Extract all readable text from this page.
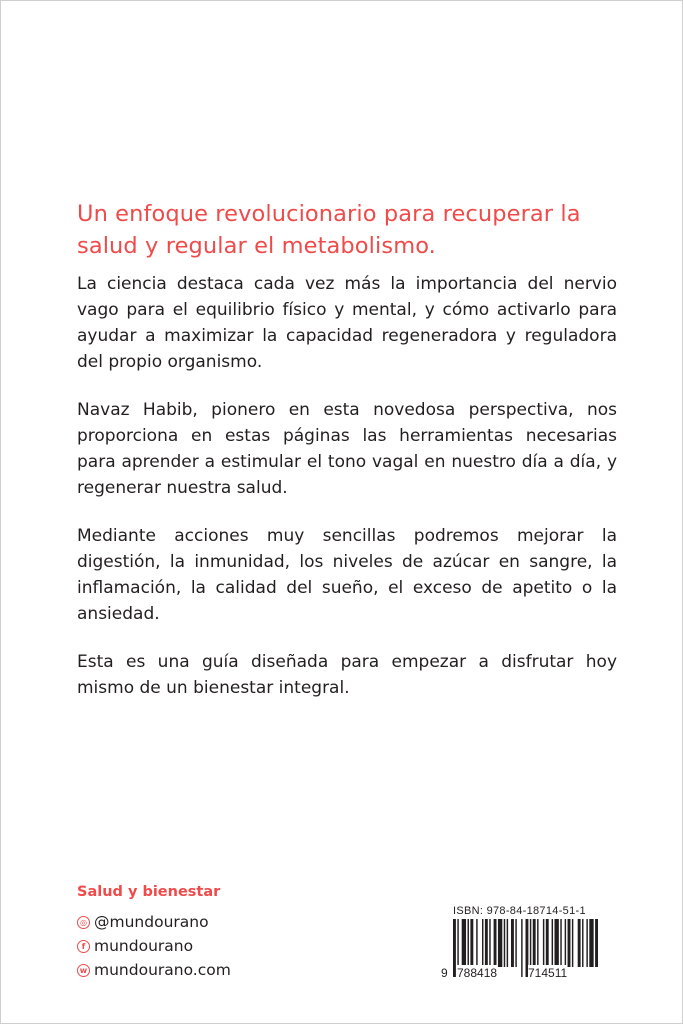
Un enfoque revolucionario para recuperar la salud y regular el metabolismo.

La ciencia destaca cada vez más la importancia del nervio vago para el equilibrio físico y mental, y cómo activarlo para ayudar a maximizar la capacidad regeneradora y reguladora del propio organismo.

Navaz Habib, pionero en esta novedosa perspectiva, nos proporciona en estas páginas las herramientas necesarias para aprender a estimular el tono vagal en nuestro día a día, y regenerar nuestra salud.

Mediante acciones muy sencillas podremos mejorar la digestión, la inmunidad, los niveles de azúcar en sangre, la inflamación, la calidad del sueño, el exceso de apetito o la ansiedad.

Esta es una guía diseñada para empezar a disfrutar hoy mismo de un bienestar integral.

Salud y bienestar
◎ @mundourano
f mundourano
w mundourano.com
ISBN: 978-84-18714-51-1
9 788418	714511
